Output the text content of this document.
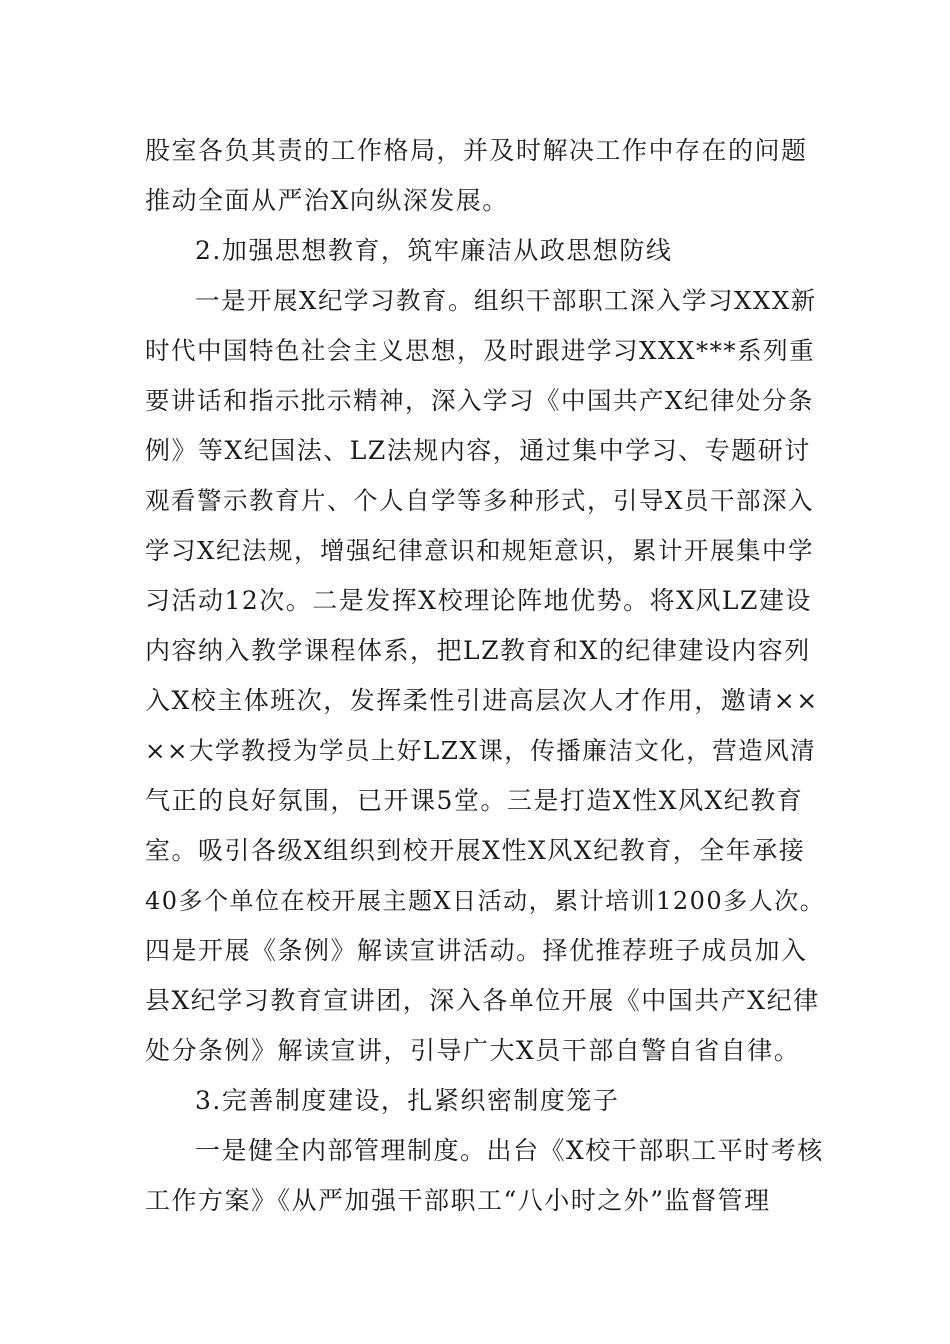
股室各负其责的工作格局，并及时解决工作中存在的问题
推动全面从严治X向纵深发展。
2.加强思想教育，筑牢廉洁从政思想防线
一是开展X纪学习教育。组织干部职工深入学习XXX新
时代中国特色社会主义思想，及时跟进学习XXX***系列重
要讲话和指示批示精神，深入学习《中国共产X纪律处分条
例》等X纪国法、LZ法规内容，通过集中学习、专题研讨
观看警示教育片、个人自学等多种形式，引导X员干部深入
学习X纪法规，增强纪律意识和规矩意识，累计开展集中学
习活动12次。二是发挥X校理论阵地优势。将X风LZ建设
内容纳入教学课程体系，把LZ教育和X的纪律建设内容列
入X校主体班次，发挥柔性引进高层次人才作用，邀请××
××大学教授为学员上好LZX课，传播廉洁文化，营造风清
气正的良好氛围，已开课5堂。三是打造X性X风X纪教育
室。吸引各级X组织到校开展X性X风X纪教育，全年承接
40多个单位在校开展主题X日活动，累计培训1200多人次。
四是开展《条例》解读宣讲活动。择优推荐班子成员加入
县X纪学习教育宣讲团，深入各单位开展《中国共产X纪律
处分条例》解读宣讲，引导广大X员干部自警自省自律。
3.完善制度建设，扎紧织密制度笼子
一是健全内部管理制度。出台《X校干部职工平时考核
工作方案》《从严加强干部职工“八小时之外”监督管理
